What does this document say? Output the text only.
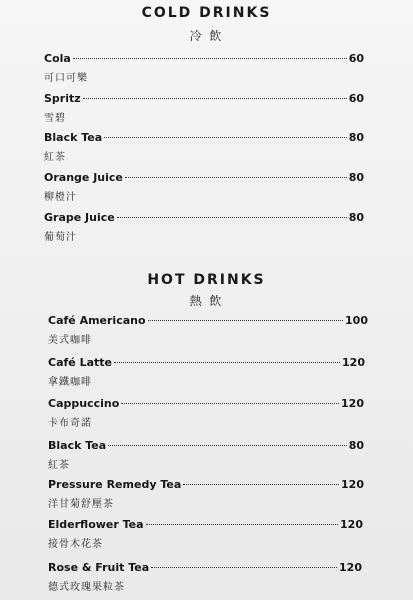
COLD DRINKS
冷 飲
Cola	60
可口可樂
Spritz	60
雪碧
Black Tea	80
紅茶
Orange Juice	80
柳橙汁
Grape Juice	80
葡萄汁
HOT DRINKS
熱 飲
Café Americano	100
美式咖啡
Café Latte	120
拿鐵咖啡
Cappuccino	120
卡布奇諾
Black Tea	80
紅茶
Pressure Remedy Tea	120
洋甘菊舒壓茶
Elderflower Tea	120
接骨木花茶
Rose & Fruit Tea	120
德式玫瑰果粒茶
